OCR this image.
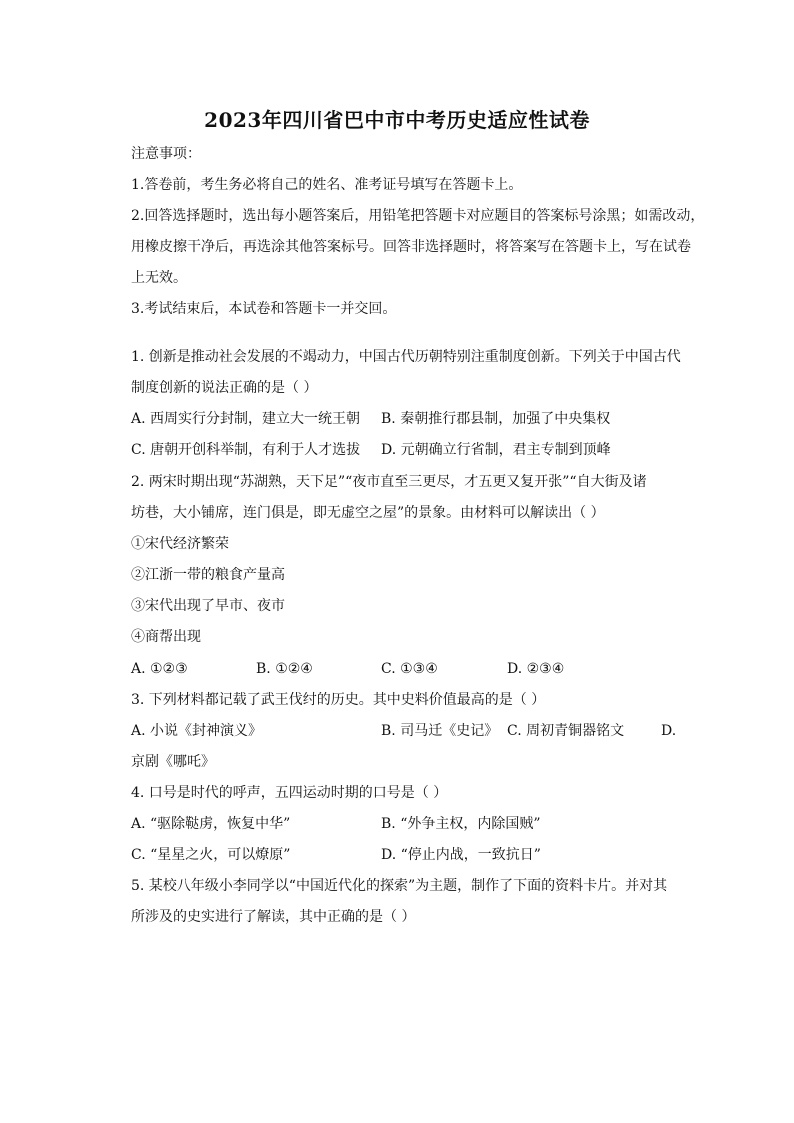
2023年四川省巴中市中考历史适应性试卷
注意事项：
1.答卷前，考生务必将自己的姓名、准考证号填写在答题卡上。
2.回答选择题时，选出每小题答案后，用铅笔把答题卡对应题目的答案标号涂黑；如需改动，
用橡皮擦干净后，再选涂其他答案标号。回答非选择题时，将答案写在答题卡上，写在试卷
上无效。
3.考试结束后，本试卷和答题卡一并交回。
1. 创新是推动社会发展的不竭动力，中国古代历朝特别注重制度创新。下列关于中国古代
制度创新的说法正确的是（ ）
A. 西周实行分封制，建立大一统王朝 B. 秦朝推行郡县制，加强了中央集权
C. 唐朝开创科举制，有利于人才选拔 D. 元朝确立行省制，君主专制到顶峰
2. 两宋时期出现“苏湖熟，天下足”“夜市直至三更尽，才五更又复开张”“自大街及诸
坊巷，大小铺席，连门俱是，即无虚空之屋”的景象。由材料可以解读出（ ）
①宋代经济繁荣
②江浙一带的粮食产量高
③宋代出现了早市、夜市
④商帮出现
A. ①②③	B. ①②④	C. ①③④	D. ②③④
3. 下列材料都记载了武王伐纣的历史。其中史料价值最高的是（ ）
A. 小说《封神演义》	B. 司马迁《史记》 C. 周初青铜器铭文	D.
京剧《哪吒》
4. 口号是时代的呼声，五四运动时期的口号是（ ）
A. “驱除鞑虏，恢复中华”	B. “外争主权，内除国贼”
C. “星星之火，可以燎原”	D. “停止内战，一致抗日”
5. 某校八年级小李同学以“中国近代化的探索”为主题，制作了下面的资料卡片。并对其
所涉及的史实进行了解读，其中正确的是（ ）
